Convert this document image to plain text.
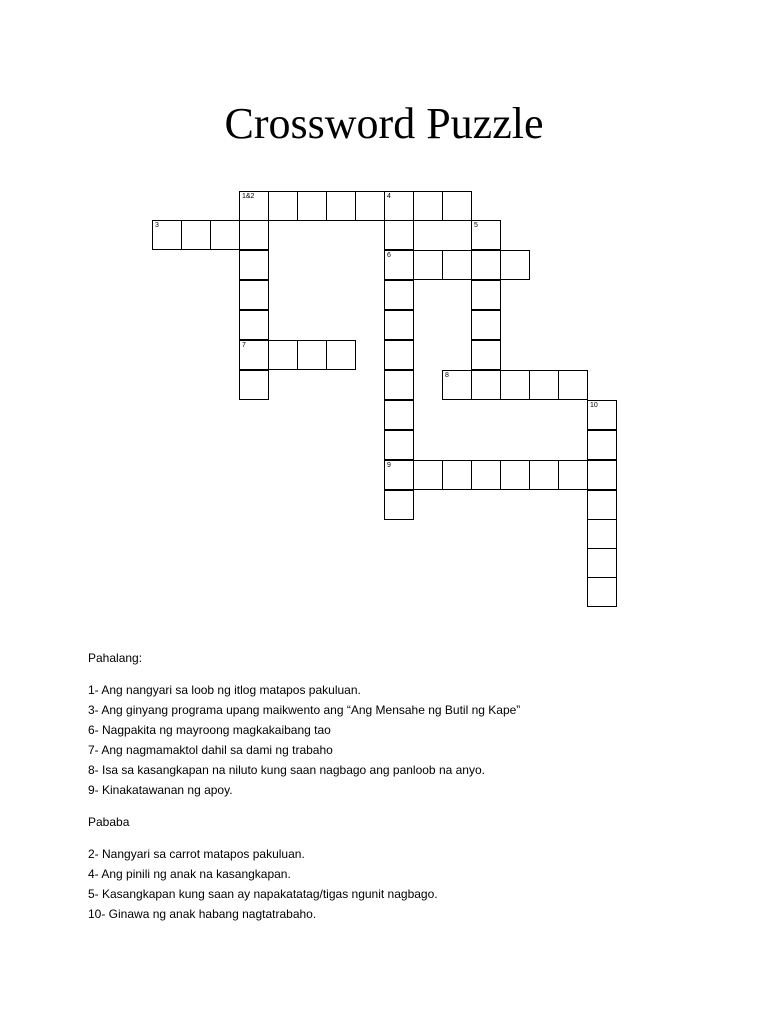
Crossword Puzzle
1&2	4
3	5
6
7
8
10
9

Pahalang:

1- Ang nangyari sa loob ng itlog matapos pakuluan.

3- Ang ginyang programa upang maikwento ang “Ang Mensahe ng Butil ng Kape”

6- Nagpakita ng mayroong magkakaibang tao

7- Ang nagmamaktol dahil sa dami ng trabaho

8- Isa sa kasangkapan na niluto kung saan nagbago ang panloob na anyo.

9- Kinakatawanan ng apoy.

Pababa

2- Nangyari sa carrot matapos pakuluan.

4- Ang pinili ng anak na kasangkapan.

5- Kasangkapan kung saan ay napakatatag/tigas ngunit nagbago.

10- Ginawa ng anak habang nagtatrabaho.
